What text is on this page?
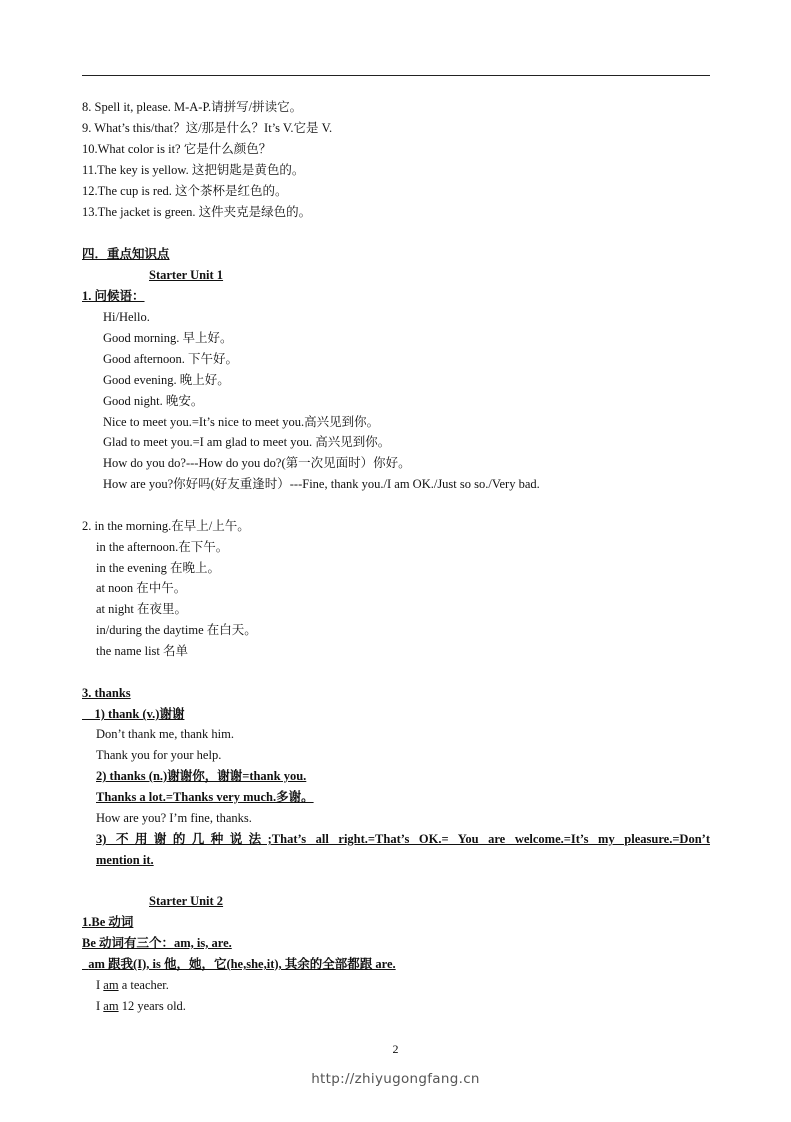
8. Spell it, please. M-A-P.请拼写/拼读它。
9. What’s this/that？这/那是什么？It’s V.它是 V.
10.What color is it? 它是什么颜色？
11.The key is yellow. 这把钥匙是黄色的。
12.The cup is red. 这个茶杯是红色的。
13.The jacket is green. 这件夹克是绿色的。
四．重点知识点
Starter Unit 1
1. 问候语：
Hi/Hello.
Good morning. 早上好。
Good afternoon. 下午好。
Good evening. 晚上好。
Good night. 晚安。
Nice to meet you.=It’s nice to meet you.高兴见到你。
Glad to meet you.=I am glad to meet you. 高兴见到你。
How do you do?---How do you do?(第一次见面时）你好。
How are you?你好吗(好友重逢时）---Fine, thank you./I am OK./Just so so./Very bad.
2. in the morning.在早上/上午。
in the afternoon.在下午。
in the evening 在晚上。
at noon 在中午。
at night 在夜里。
in/during the daytime 在白天。
the name list 名单
3. thanks
1) thank (v.)谢谢
Don’t thank me, thank him.
Thank you for your help.
2) thanks (n.)谢谢你，谢谢=thank you.
Thanks a lot.=Thanks very much.多谢。
How are you? I’m fine, thanks.
3) 不用谢的几种说法;That’s all right.=That’s OK.= You are welcome.=It’s my pleasure.=Don’t
mention it.
Starter Unit 2
1.Be 动词
Be 动词有三个：am, is, are.
am 跟我(I), is 他，她，它(he,she,it), 其余的全部都跟 are.
I am a teacher.
I am 12 years old.
2
http://zhiyugongfang.cn
